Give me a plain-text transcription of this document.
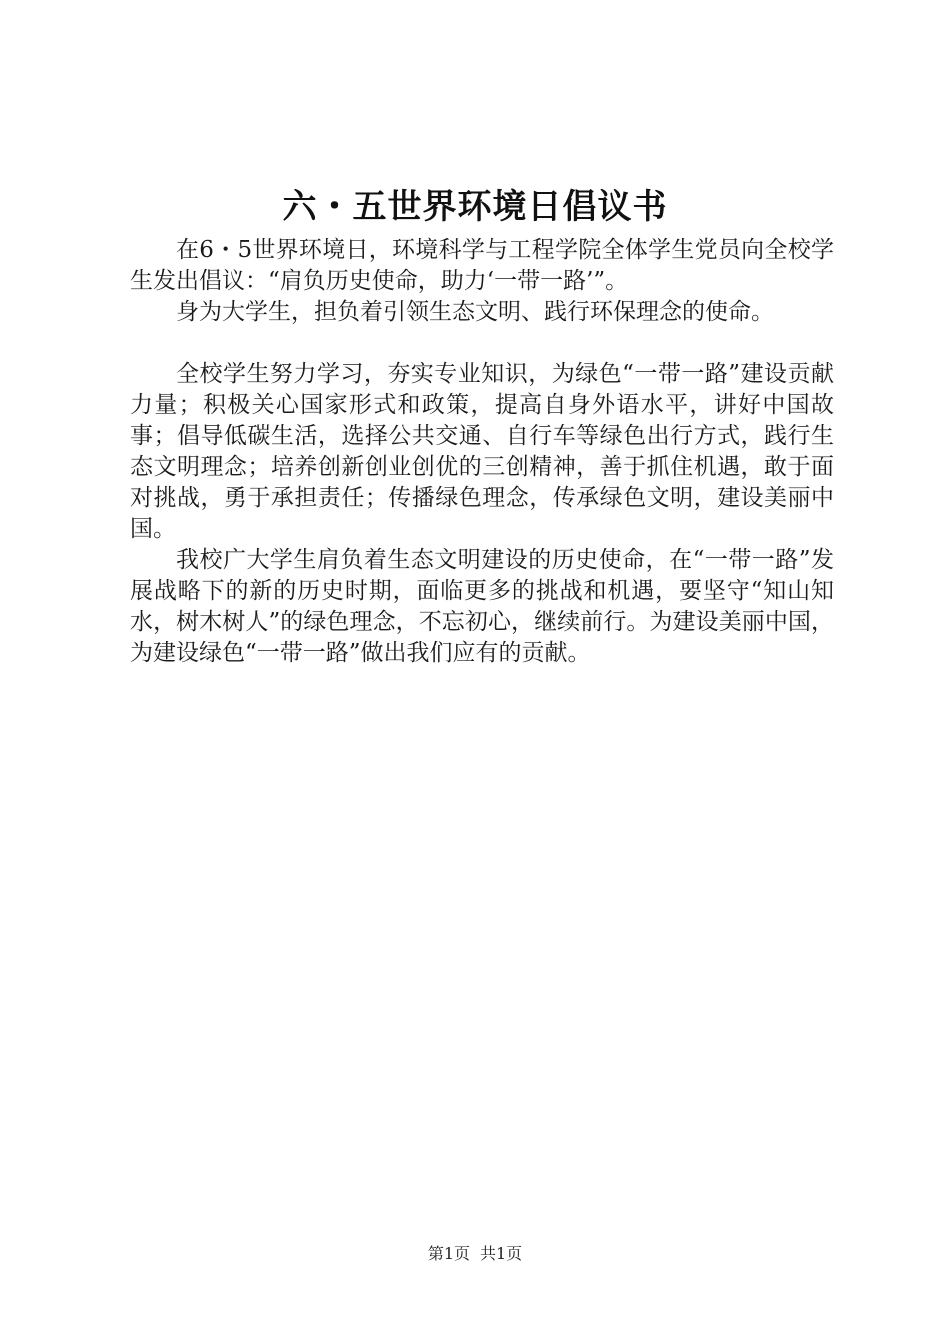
六・五世界环境日倡议书

在6・5世界环境日，环境科学与工程学院全体学生党员向全校学生发出倡议：“肩负历史使命，助力‘一带一路’”。

身为大学生，担负着引领生态文明、践行环保理念的使命。

全校学生努力学习，夯实专业知识，为绿色“一带一路”建设贡献力量；积极关心国家形式和政策，提高自身外语水平，讲好中国故事；倡导低碳生活，选择公共交通、自行车等绿色出行方式，践行生态文明理念；培养创新创业创优的三创精神，善于抓住机遇，敢于面对挑战，勇于承担责任；传播绿色理念，传承绿色文明，建设美丽中国。

我校广大学生肩负着生态文明建设的历史使命，在“一带一路”发展战略下的新的历史时期，面临更多的挑战和机遇，要坚守“知山知水，树木树人”的绿色理念，不忘初心，继续前行。为建设美丽中国，为建设绿色“一带一路”做出我们应有的贡献。

第1页 共1页
